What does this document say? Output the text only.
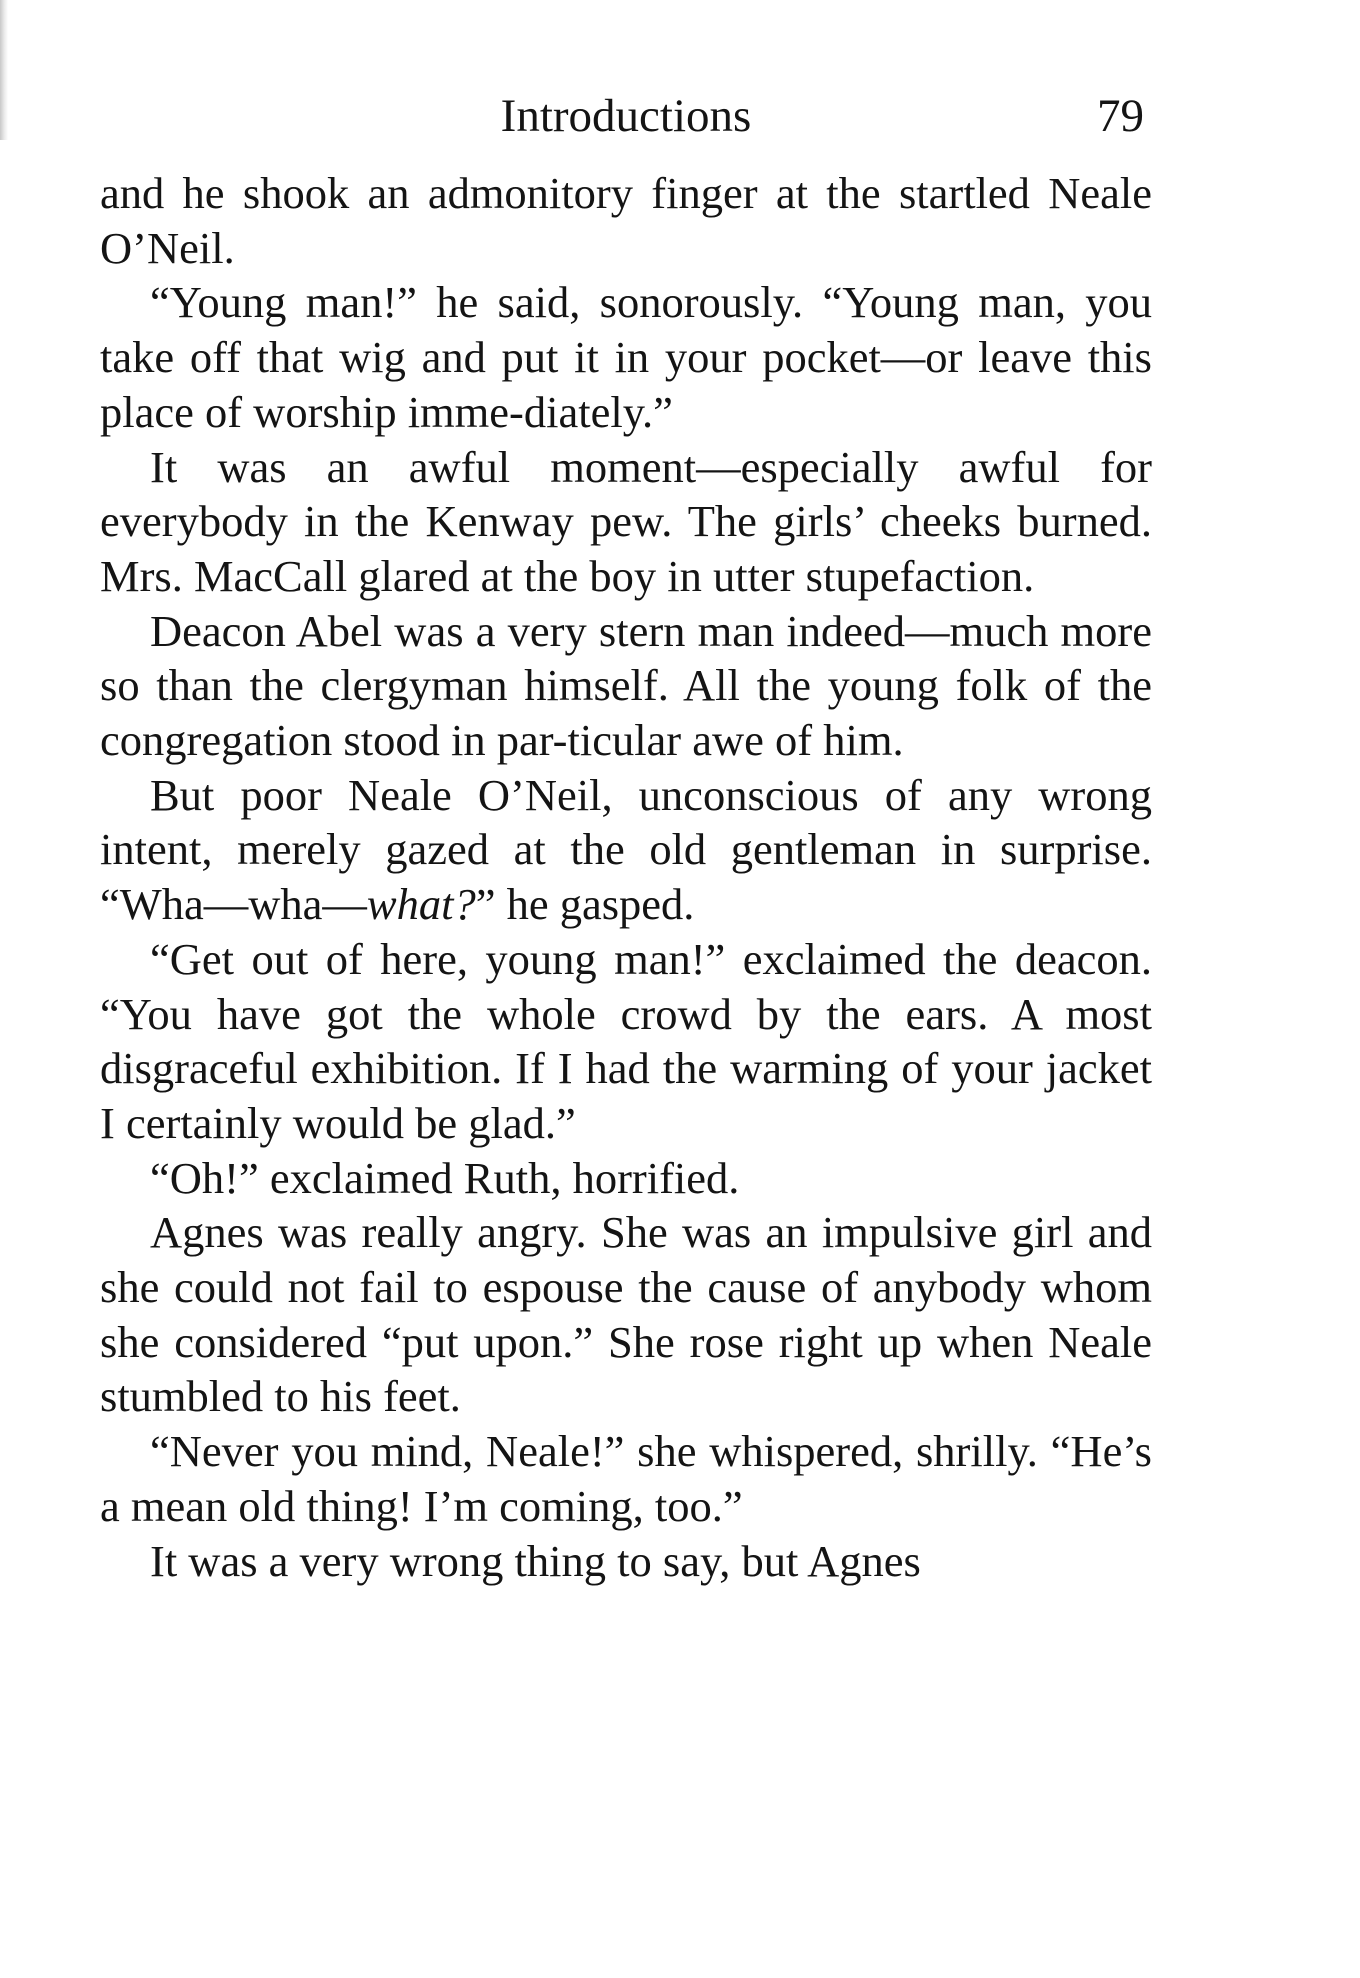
Introductions	79

and he shook an admonitory finger at the startled Neale O’Neil.

“Young man!” he said, sonorously. “Young man, you take off that wig and put it in your pocket—or leave this place of worship imme-diately.”

It was an awful moment—especially awful for everybody in the Kenway pew. The girls’ cheeks burned. Mrs. MacCall glared at the boy in utter stupefaction.

Deacon Abel was a very stern man indeed—much more so than the clergyman himself. All the young folk of the congregation stood in par-ticular awe of him.

But poor Neale O’Neil, unconscious of any wrong intent, merely gazed at the old gentleman in surprise. “Wha—wha—what?” he gasped.

“Get out of here, young man!” exclaimed the deacon. “You have got the whole crowd by the ears. A most disgraceful exhibition. If I had the warming of your jacket I certainly would be glad.”

“Oh!” exclaimed Ruth, horrified.

Agnes was really angry. She was an impulsive girl and she could not fail to espouse the cause of anybody whom she considered “put upon.” She rose right up when Neale stumbled to his feet.

“Never you mind, Neale!” she whispered, shrilly. “He’s a mean old thing! I’m coming, too.”

It was a very wrong thing to say, but Agnes
